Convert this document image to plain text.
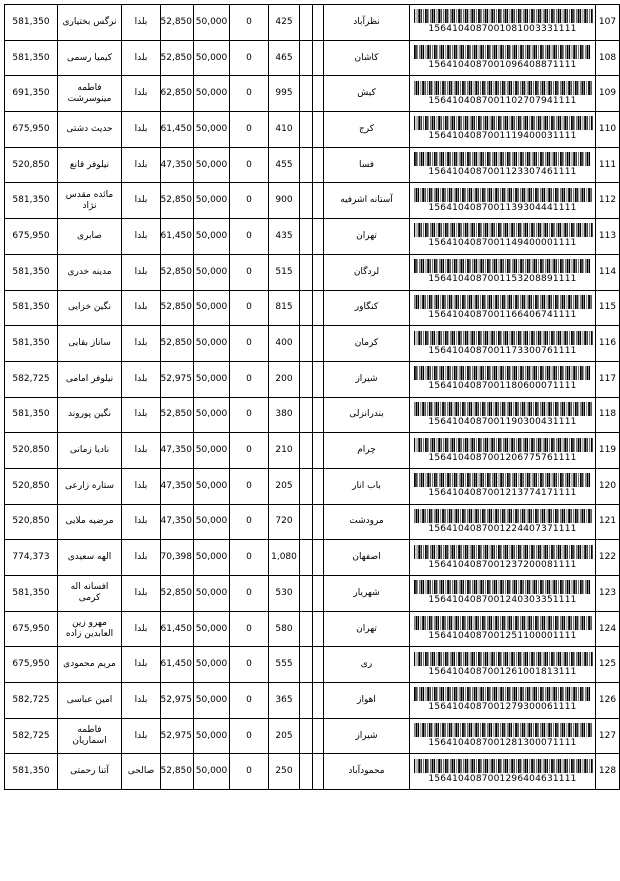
107	1564104087001081003331111	نظرآباد			425	0	50,000	52,850	بلدا	نرگس بختیاری	581,350
108	1564104087001096408871111	کاشان			465	0	50,000	52,850	بلدا	کیمیا رسمی	581,350
109	1564104087001102707941111	کیش			995	0	50,000	62,850	بلدا	فاطمه مینوسرشت	691,350
110	1564104087001119400031111	کرج			410	0	50,000	61,450	بلدا	حدیث دشتی	675,950
111	1564104087001123307461111	فسا			455	0	50,000	47,350	بلدا	نیلوفر قانع	520,850
112	1564104087001139304441111	آستانه اشرفیه			900	0	50,000	52,850	بلدا	مائده مقدس نژاد	581,350
113	1564104087001149400001111	تهران			435	0	50,000	61,450	بلدا	صابری	675,950
114	1564104087001153208891111	لردگان			515	0	50,000	52,850	بلدا	مدینه خدری	581,350
115	1564104087001166406741111	کنگاور			815	0	50,000	52,850	بلدا	نگین خزایی	581,350
116	1564104087001173300761111	کرمان			400	0	50,000	52,850	بلدا	ساناز بقایی	581,350
117	1564104087001180600071111	شیراز			200	0	50,000	52,975	بلدا	نیلوفر امامی	582,725
118	1564104087001190300431111	بندرانزلی			380	0	50,000	52,850	بلدا	نگین پوروند	581,350
119	1564104087001206775761111	چرام			210	0	50,000	47,350	بلدا	نادیا زمانی	520,850
120	1564104087001213774171111	باب انار			205	0	50,000	47,350	بلدا	ستاره زارعی	520,850
121	1564104087001224407371111	مرودشت			720	0	50,000	47,350	بلدا	مرضیه ملایی	520,850
122	1564104087001237200081111	اصفهان			1,080	0	50,000	70,398	بلدا	الهه سعیدی	774,373
123	1564104087001240303351111	شهریار			530	0	50,000	52,850	بلدا	افسانه اله کرمی	581,350
124	1564104087001251100001111	تهران			580	0	50,000	61,450	بلدا	مهرو زین العابدین زاده	675,950
125	1564104087001261001813111	ری			555	0	50,000	61,450	بلدا	مریم محمودی	675,950
126	1564104087001279300061111	اهواز			365	0	50,000	52,975	بلدا	امین عباسی	582,725
127	1564104087001281300071111	شیراز			205	0	50,000	52,975	بلدا	فاطمه اسماریان	582,725
128	1564104087001296404631111	محمودآباد			250	0	50,000	52,850	صالحی	آتنا رحمتی	581,350
